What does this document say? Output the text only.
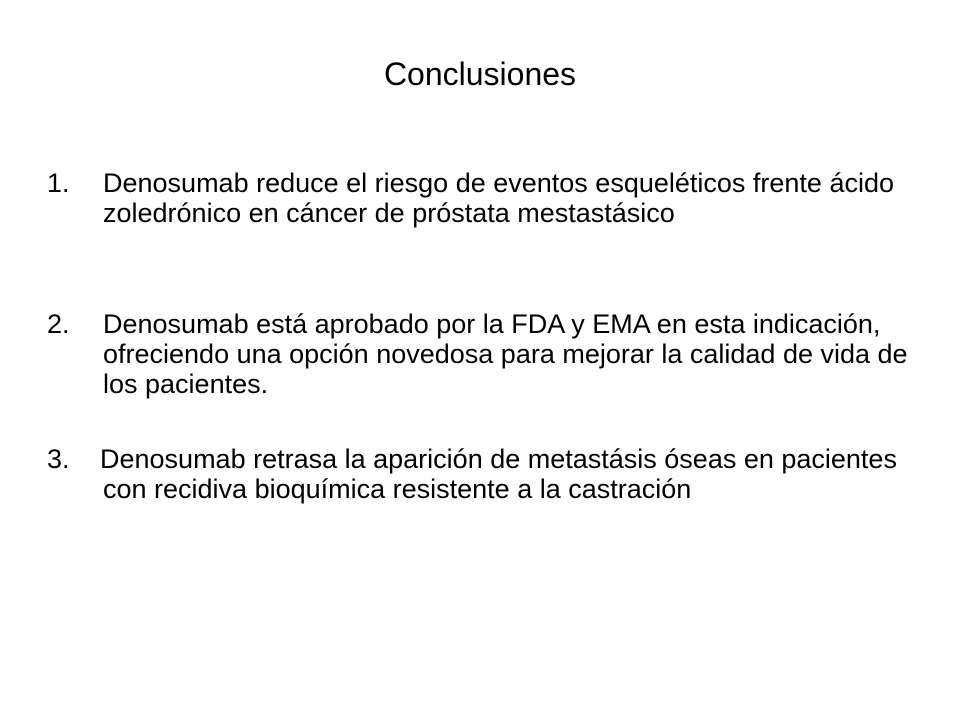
Conclusiones
1. Denosumab reduce el riesgo de eventos esqueléticos frente ácido zoledrónico en cáncer de próstata mestastásico
2. Denosumab está aprobado por la FDA y EMA en esta indicación, ofreciendo una opción novedosa para mejorar la calidad de vida de los pacientes.
3. Denosumab retrasa la aparición de metastásis óseas en pacientes con recidiva bioquímica resistente a la castración
